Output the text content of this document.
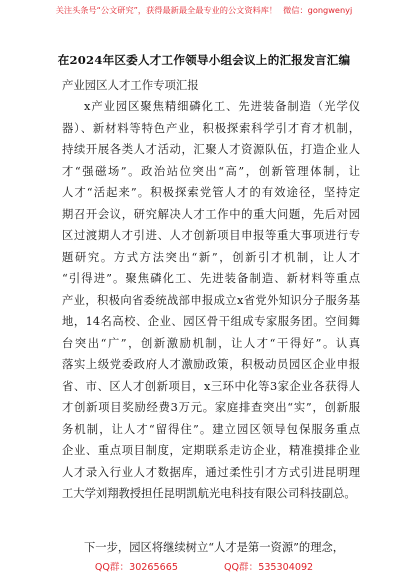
关注头条号“公文研究”，获得最新最全最专业的公文资料库！ 微信：gongwenyj
在2024年区委人才工作领导小组会议上的汇报发言汇编
产业园区人才工作专项汇报
x产业园区聚焦精细磷化工、先进装备制造（光学仪
器）、新材料等特色产业，积极探索科学引才育才机制，
持续开展各类人才活动，汇聚人才资源队伍，打造企业人
才“强磁场”。政治站位突出“高”，创新管理体制，让
人才“活起来”。积极探索党管人才的有效途径，坚持定
期召开会议，研究解决人才工作中的重大问题，先后对园
区过渡期人才引进、人才创新项目申报等重大事项进行专
题研究。方式方法突出“新”，创新引才机制，让人才
“引得进”。聚焦磷化工、先进装备制造、新材料等重点
产业，积极向省委统战部申报成立x省党外知识分子服务基
地，14名高校、企业、园区骨干组成专家服务团。空间舞
台突出“广”，创新激励机制，让人才“干得好”。认真
落实上级党委政府人才激励政策，积极动员园区企业申报
省、市、区人才创新项目，x三环中化等3家企业各获得人
才创新项目奖励经费3万元。家庭排查突出“实”，创新服
务机制，让人才“留得住”。建立园区领导包保服务重点
企业、重点项目制度，定期联系走访企业，精准摸排企业
人才录入行业人才数据库，通过柔性引才方式引进昆明理
工大学刘翔教授担任昆明凯航光电科技有限公司科技副总。
下一步，园区将继续树立“人才是第一资源”的理念，
QQ群：30265665	QQ群：535304092
